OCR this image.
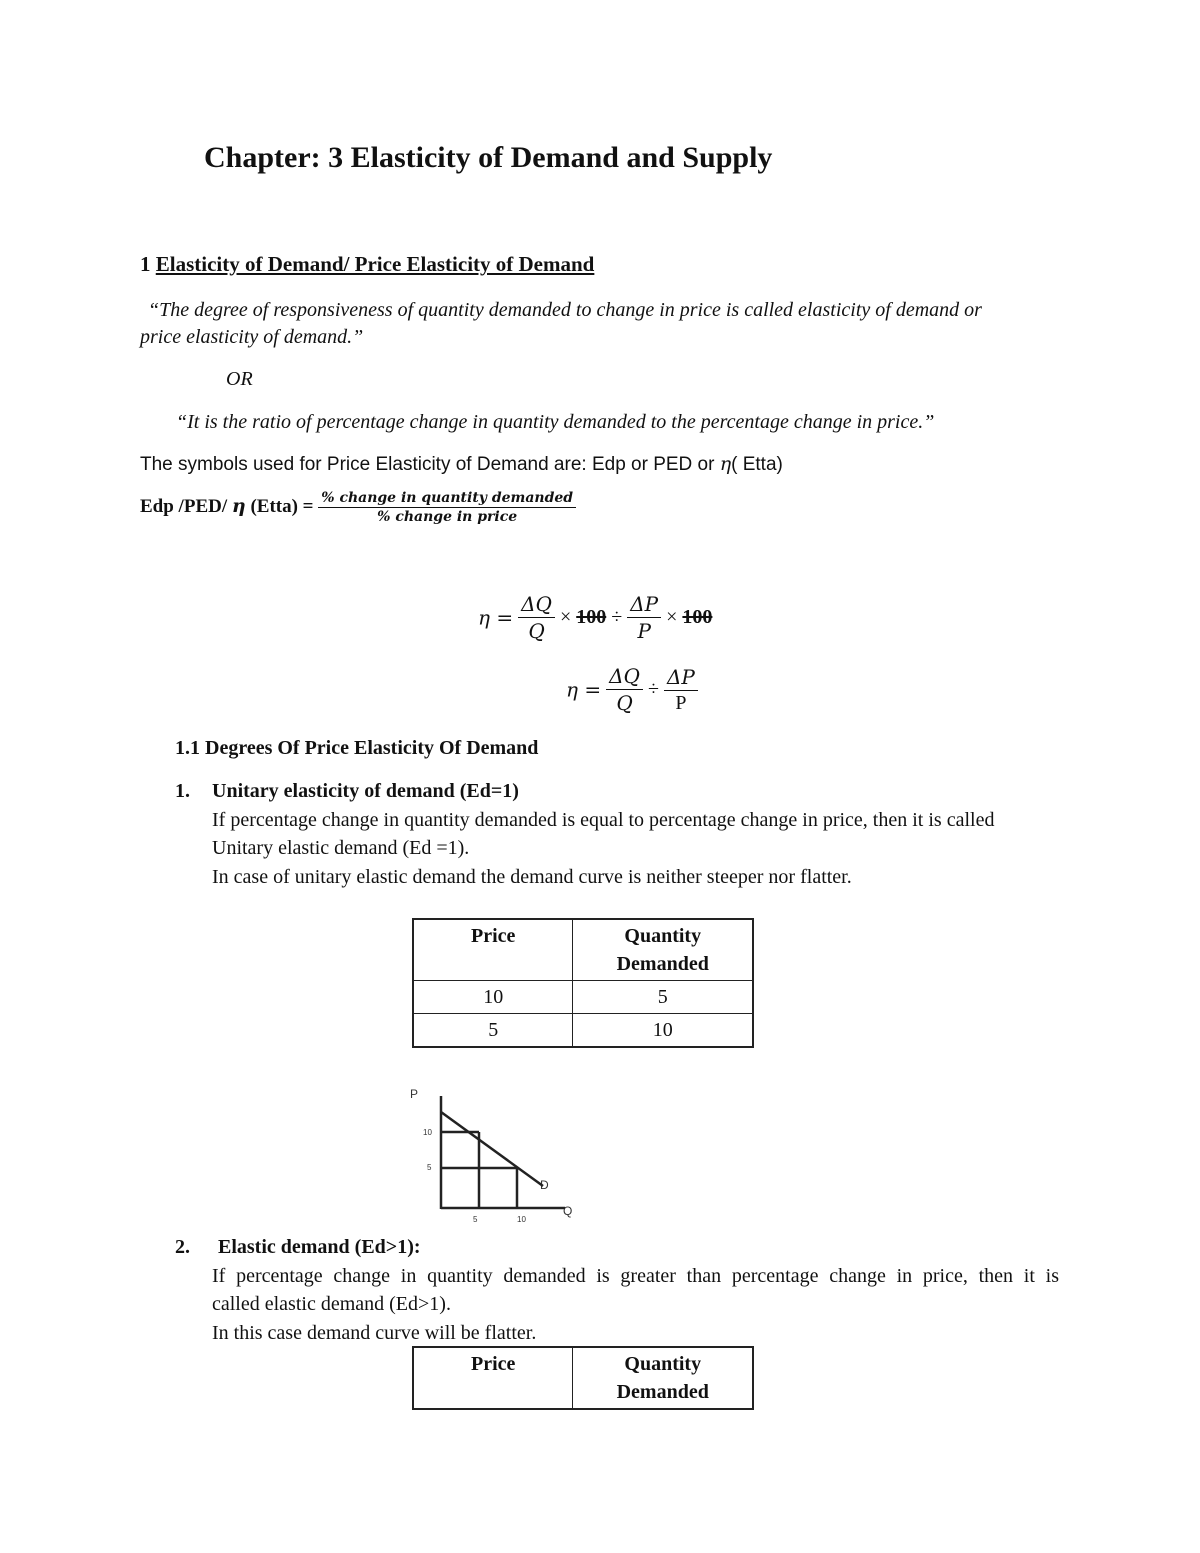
Chapter: 3 Elasticity of Demand and Supply
1 Elasticity of Demand/ Price Elasticity of Demand
“The degree of responsiveness of quantity demanded to change in price is called elasticity of demand or
price elasticity of demand.”
OR
“It is the ratio of percentage change in quantity demanded to the percentage change in price.”
The symbols used for Price Elasticity of Demand are: Edp or PED or η( Etta)
Edp /PED/ η (Etta) = $\frac{\text{\% change in quantity demanded}}{\text{\% change in price}}$
$\eta = \frac{\Delta Q}{Q} \times 100 \div \frac{\Delta P}{P} \times 100$
$\eta = \frac{\Delta Q}{Q} \div \frac{\Delta P}{P}$
1.1 Degrees Of Price Elasticity Of Demand
1. Unitary elasticity of demand (Ed=1)
If percentage change in quantity demanded is equal to percentage change in price, then it is called
Unitary elastic demand (Ed =1).
In case of unitary elastic demand the demand curve is neither steeper nor flatter.
Price	Quantity Demanded
10	5
5	10
P
Q
D
10
5
5	10
2. Elastic demand (Ed>1):
If percentage change in quantity demanded is greater than percentage change in price, then it is
called elastic demand (Ed>1).
In this case demand curve will be flatter.
Price	Quantity Demanded
